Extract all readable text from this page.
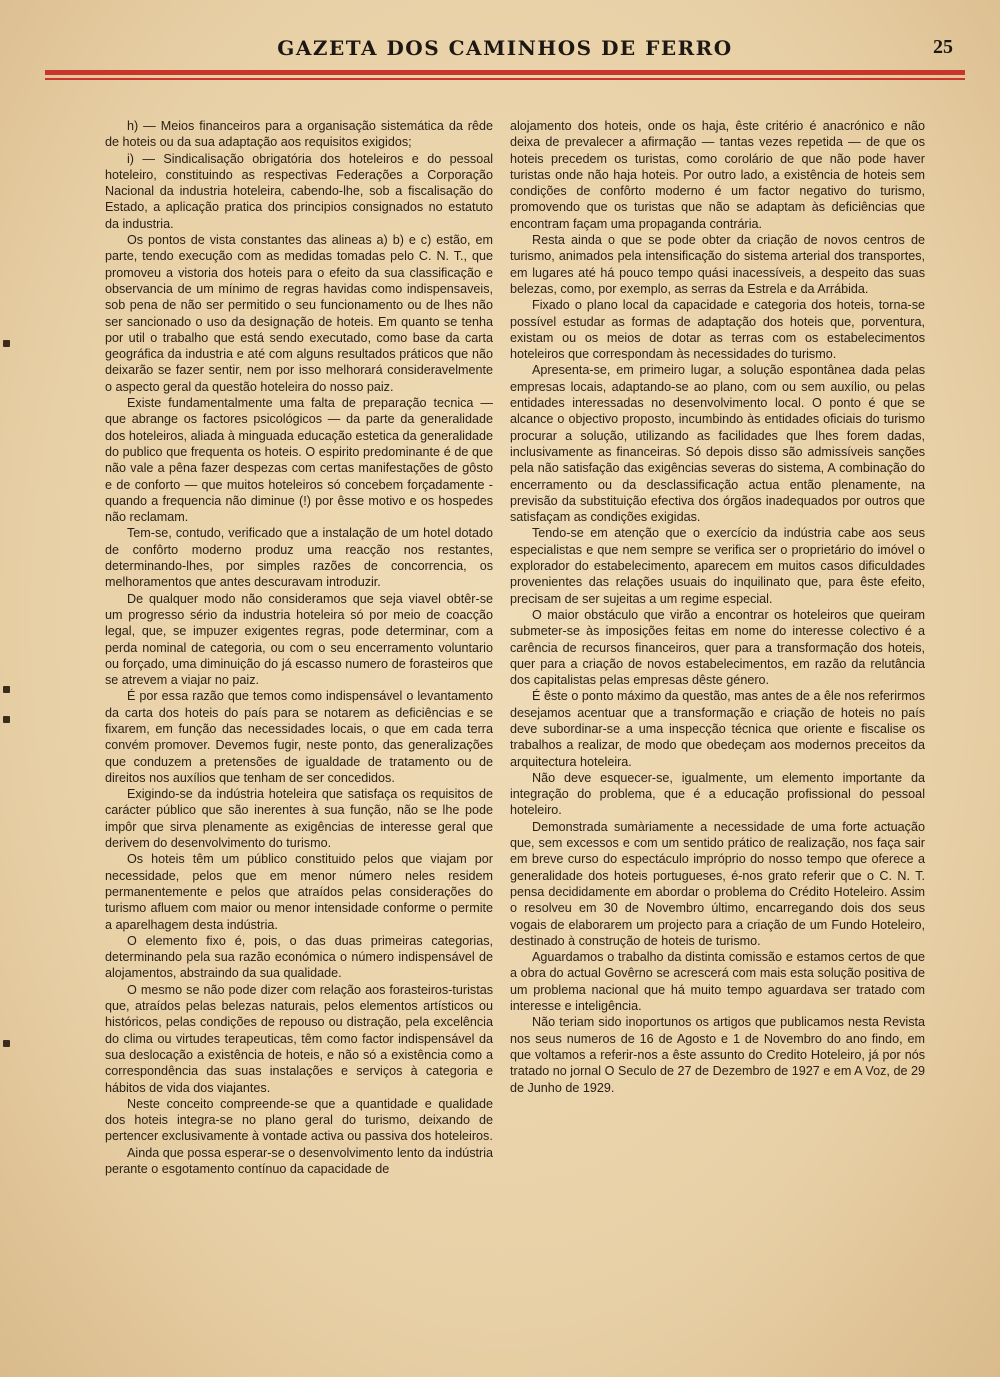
GAZETA DOS CAMINHOS DE FERRO	25

h) — Meios financeiros para a organisação sistemática da rêde de hoteis ou da sua adaptação aos requisitos exigidos;

i) — Sindicalisação obrigatória dos hoteleiros e do pessoal hoteleiro, constituindo as respectivas Federações a Corporação Nacional da industria hoteleira, cabendo-lhe, sob a fiscalisação do Estado, a aplicação pratica dos principios consignados no estatuto da industria.

Os pontos de vista constantes das alineas a) b) e c) estão, em parte, tendo execução com as medidas tomadas pelo C. N. T., que promoveu a vistoria dos hoteis para o efeito da sua classificação e observancia de um mínimo de regras havidas como indispensaveis, sob pena de não ser permitido o seu funcionamento ou de lhes não ser sancionado o uso da designação de hoteis. Em quanto se tenha por util o trabalho que está sendo executado, como base da carta geográfica da industria e até com alguns resultados práticos que não deixarão se fazer sentir, nem por isso melhorará consideravelmente o aspecto geral da questão hoteleira do nosso paiz.

Existe fundamentalmente uma falta de preparação tecnica — que abrange os factores psicológicos — da parte da generalidade dos hoteleiros, aliada à minguada educação estetica da generalidade do publico que frequenta os hoteis. O espirito predominante é de que não vale a pêna fazer despezas com certas manifestações de gôsto e de conforto — que muitos hoteleiros só concebem forçadamente - quando a frequencia não diminue (!) por êsse motivo e os hospedes não reclamam.

Tem-se, contudo, verificado que a instalação de um hotel dotado de confôrto moderno produz uma reacção nos restantes, determinando-lhes, por simples razões de concorrencia, os melhoramentos que antes descuravam introduzir.

De qualquer modo não consideramos que seja viavel obtêr-se um progresso sério da industria hoteleira só por meio de coacção legal, que, se impuzer exigentes regras, pode determinar, com a perda nominal de categoria, ou com o seu encerramento voluntario ou forçado, uma diminuição do já escasso numero de forasteiros que se atrevem a viajar no paiz.

É por essa razão que temos como indispensável o levantamento da carta dos hoteis do país para se notarem as deficiências e se fixarem, em função das necessidades locais, o que em cada terra convém promover. Devemos fugir, neste ponto, das generalizações que conduzem a pretensões de igualdade de tratamento ou de direitos nos auxílios que tenham de ser concedidos.

Exigindo-se da indústria hoteleira que satisfaça os requisitos de carácter público que são inerentes à sua função, não se lhe pode impôr que sirva plenamente as exigências de interesse geral que derivem do desenvolvimento do turismo.

Os hoteis têm um público constituido pelos que viajam por necessidade, pelos que em menor número neles residem permanentemente e pelos que atraídos pelas considerações do turismo afluem com maior ou menor intensidade conforme o permite a aparelhagem desta indústria.

O elemento fixo é, pois, o das duas primeiras categorias, determinando pela sua razão económica o número indispensável de alojamentos, abstraindo da sua qualidade.

O mesmo se não pode dizer com relação aos forasteiros-turistas que, atraídos pelas belezas naturais, pelos elementos artísticos ou históricos, pelas condições de repouso ou distração, pela excelência do clima ou virtudes terapeuticas, têm como factor indispensável da sua deslocação a existência de hoteis, e não só a existência como a correspondência das suas instalações e serviços à categoria e hábitos de vida dos viajantes.

Neste conceito compreende-se que a quantidade e qualidade dos hoteis integra-se no plano geral do turismo, deixando de pertencer exclusivamente à vontade activa ou passiva dos hoteleiros.

Ainda que possa esperar-se o desenvolvimento lento da indústria perante o esgotamento contínuo da capacidade de

alojamento dos hoteis, onde os haja, êste critério é anacrónico e não deixa de prevalecer a afirmação — tantas vezes repetida — de que os hoteis precedem os turistas, como corolário de que não pode haver turistas onde não haja hoteis. Por outro lado, a existência de hoteis sem condições de confôrto moderno é um factor negativo do turismo, promovendo que os turistas que não se adaptam às deficiências que encontram façam uma propaganda contrária.

Resta ainda o que se pode obter da criação de novos centros de turismo, animados pela intensificação do sistema arterial dos transportes, em lugares até há pouco tempo quási inacessíveis, a despeito das suas belezas, como, por exemplo, as serras da Estrela e da Arrábida.

Fixado o plano local da capacidade e categoria dos hoteis, torna-se possível estudar as formas de adaptação dos hoteis que, porventura, existam ou os meios de dotar as terras com os estabelecimentos hoteleiros que correspondam às necessidades do turismo.

Apresenta-se, em primeiro lugar, a solução espontânea dada pelas empresas locais, adaptando-se ao plano, com ou sem auxílio, ou pelas entidades interessadas no desenvolvimento local. O ponto é que se alcance o objectivo proposto, incumbindo às entidades oficiais do turismo procurar a solução, utilizando as facilidades que lhes forem dadas, inclusivamente as financeiras. Só depois disso são admissíveis sanções pela não satisfação das exigências severas do sistema, A combinação do encerramento ou da desclassificação actua então plenamente, na previsão da substituição efectiva dos órgãos inadequados por outros que satisfaçam as condições exigidas.

Tendo-se em atenção que o exercício da indústria cabe aos seus especialistas e que nem sempre se verifica ser o proprietário do imóvel o explorador do estabelecimento, aparecem em muitos casos dificuldades provenientes das relações usuais do inquilinato que, para êste efeito, precisam de ser sujeitas a um regime especial.

O maior obstáculo que virão a encontrar os hoteleiros que queiram submeter-se às imposições feitas em nome do interesse colectivo é a carência de recursos financeiros, quer para a transformação dos hoteis, quer para a criação de novos estabelecimentos, em razão da relutância dos capitalistas pelas empresas dêste género.

É êste o ponto máximo da questão, mas antes de a êle nos referirmos desejamos acentuar que a transformação e criação de hoteis no país deve subordinar-se a uma inspecção técnica que oriente e fiscalise os trabalhos a realizar, de modo que obedeçam aos modernos preceitos da arquitectura hoteleira.

Não deve esquecer-se, igualmente, um elemento importante da integração do problema, que é a educação profissional do pessoal hoteleiro.

Demonstrada sumàriamente a necessidade de uma forte actuação que, sem excessos e com um sentido prático de realização, nos faça sair em breve curso do espectáculo impróprio do nosso tempo que oferece a generalidade dos hoteis portugueses, é-nos grato referir que o C. N. T. pensa decididamente em abordar o problema do Crédito Hoteleiro. Assim o resolveu em 30 de Novembro último, encarregando dois dos seus vogais de elaborarem um projecto para a criação de um Fundo Hoteleiro, destinado à construção de hoteis de turismo.

Aguardamos o trabalho da distinta comissão e estamos certos de que a obra do actual Govêrno se acrescerá com mais esta solução positiva de um problema nacional que há muito tempo aguardava ser tratado com interesse e inteligência.

Não teriam sido inoportunos os artigos que publicamos nesta Revista nos seus numeros de 16 de Agosto e 1 de Novembro do ano findo, em que voltamos a referir-nos a êste assunto do Credito Hoteleiro, já por nós tratado no jornal O Seculo de 27 de Dezembro de 1927 e em A Voz, de 29 de Junho de 1929.
